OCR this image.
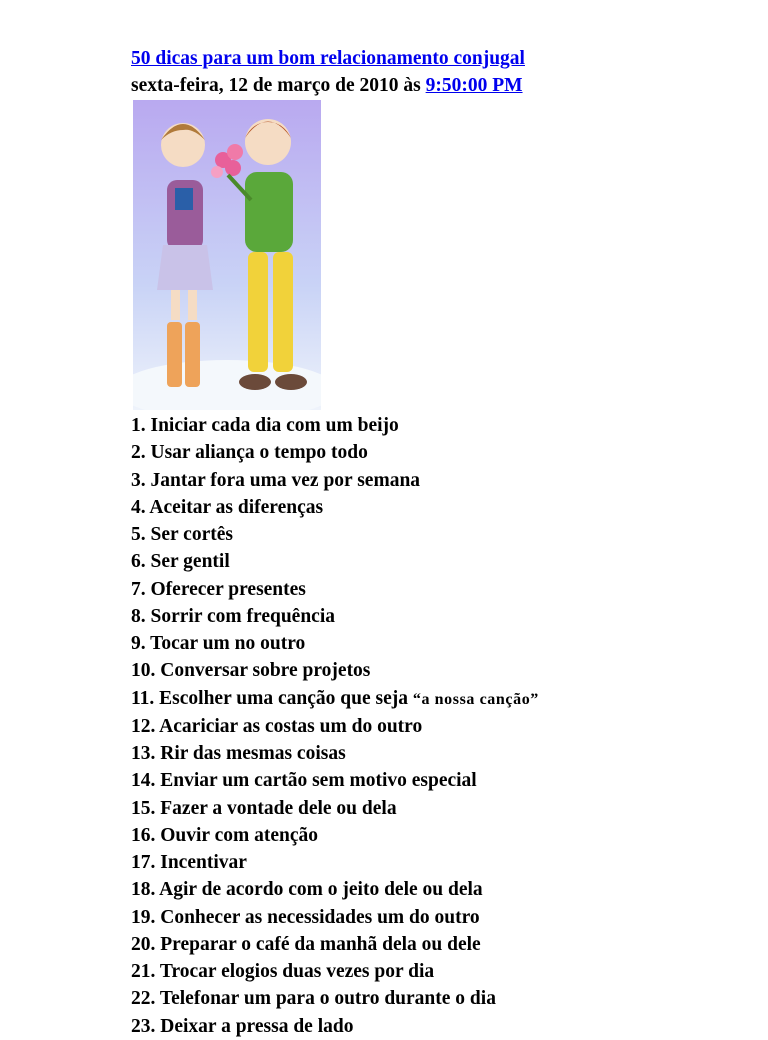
50 dicas para um bom relacionamento conjugal
sexta-feira, 12 de março de 2010 às 9:50:00 PM
1. Iniciar cada dia com um beijo
2. Usar aliança o tempo todo
3. Jantar fora uma vez por semana
4. Aceitar as diferenças
5. Ser cortês
6. Ser gentil
7. Oferecer presentes
8. Sorrir com frequência
9. Tocar um no outro
10. Conversar sobre projetos
11. Escolher uma canção que seja “a nossa canção”
12. Acariciar as costas um do outro
13. Rir das mesmas coisas
14. Enviar um cartão sem motivo especial
15. Fazer a vontade dele ou dela
16. Ouvir com atenção
17. Incentivar
18. Agir de acordo com o jeito dele ou dela
19. Conhecer as necessidades um do outro
20. Preparar o café da manhã dela ou dele
21. Trocar elogios duas vezes por dia
22. Telefonar um para o outro durante o dia
23. Deixar a pressa de lado
